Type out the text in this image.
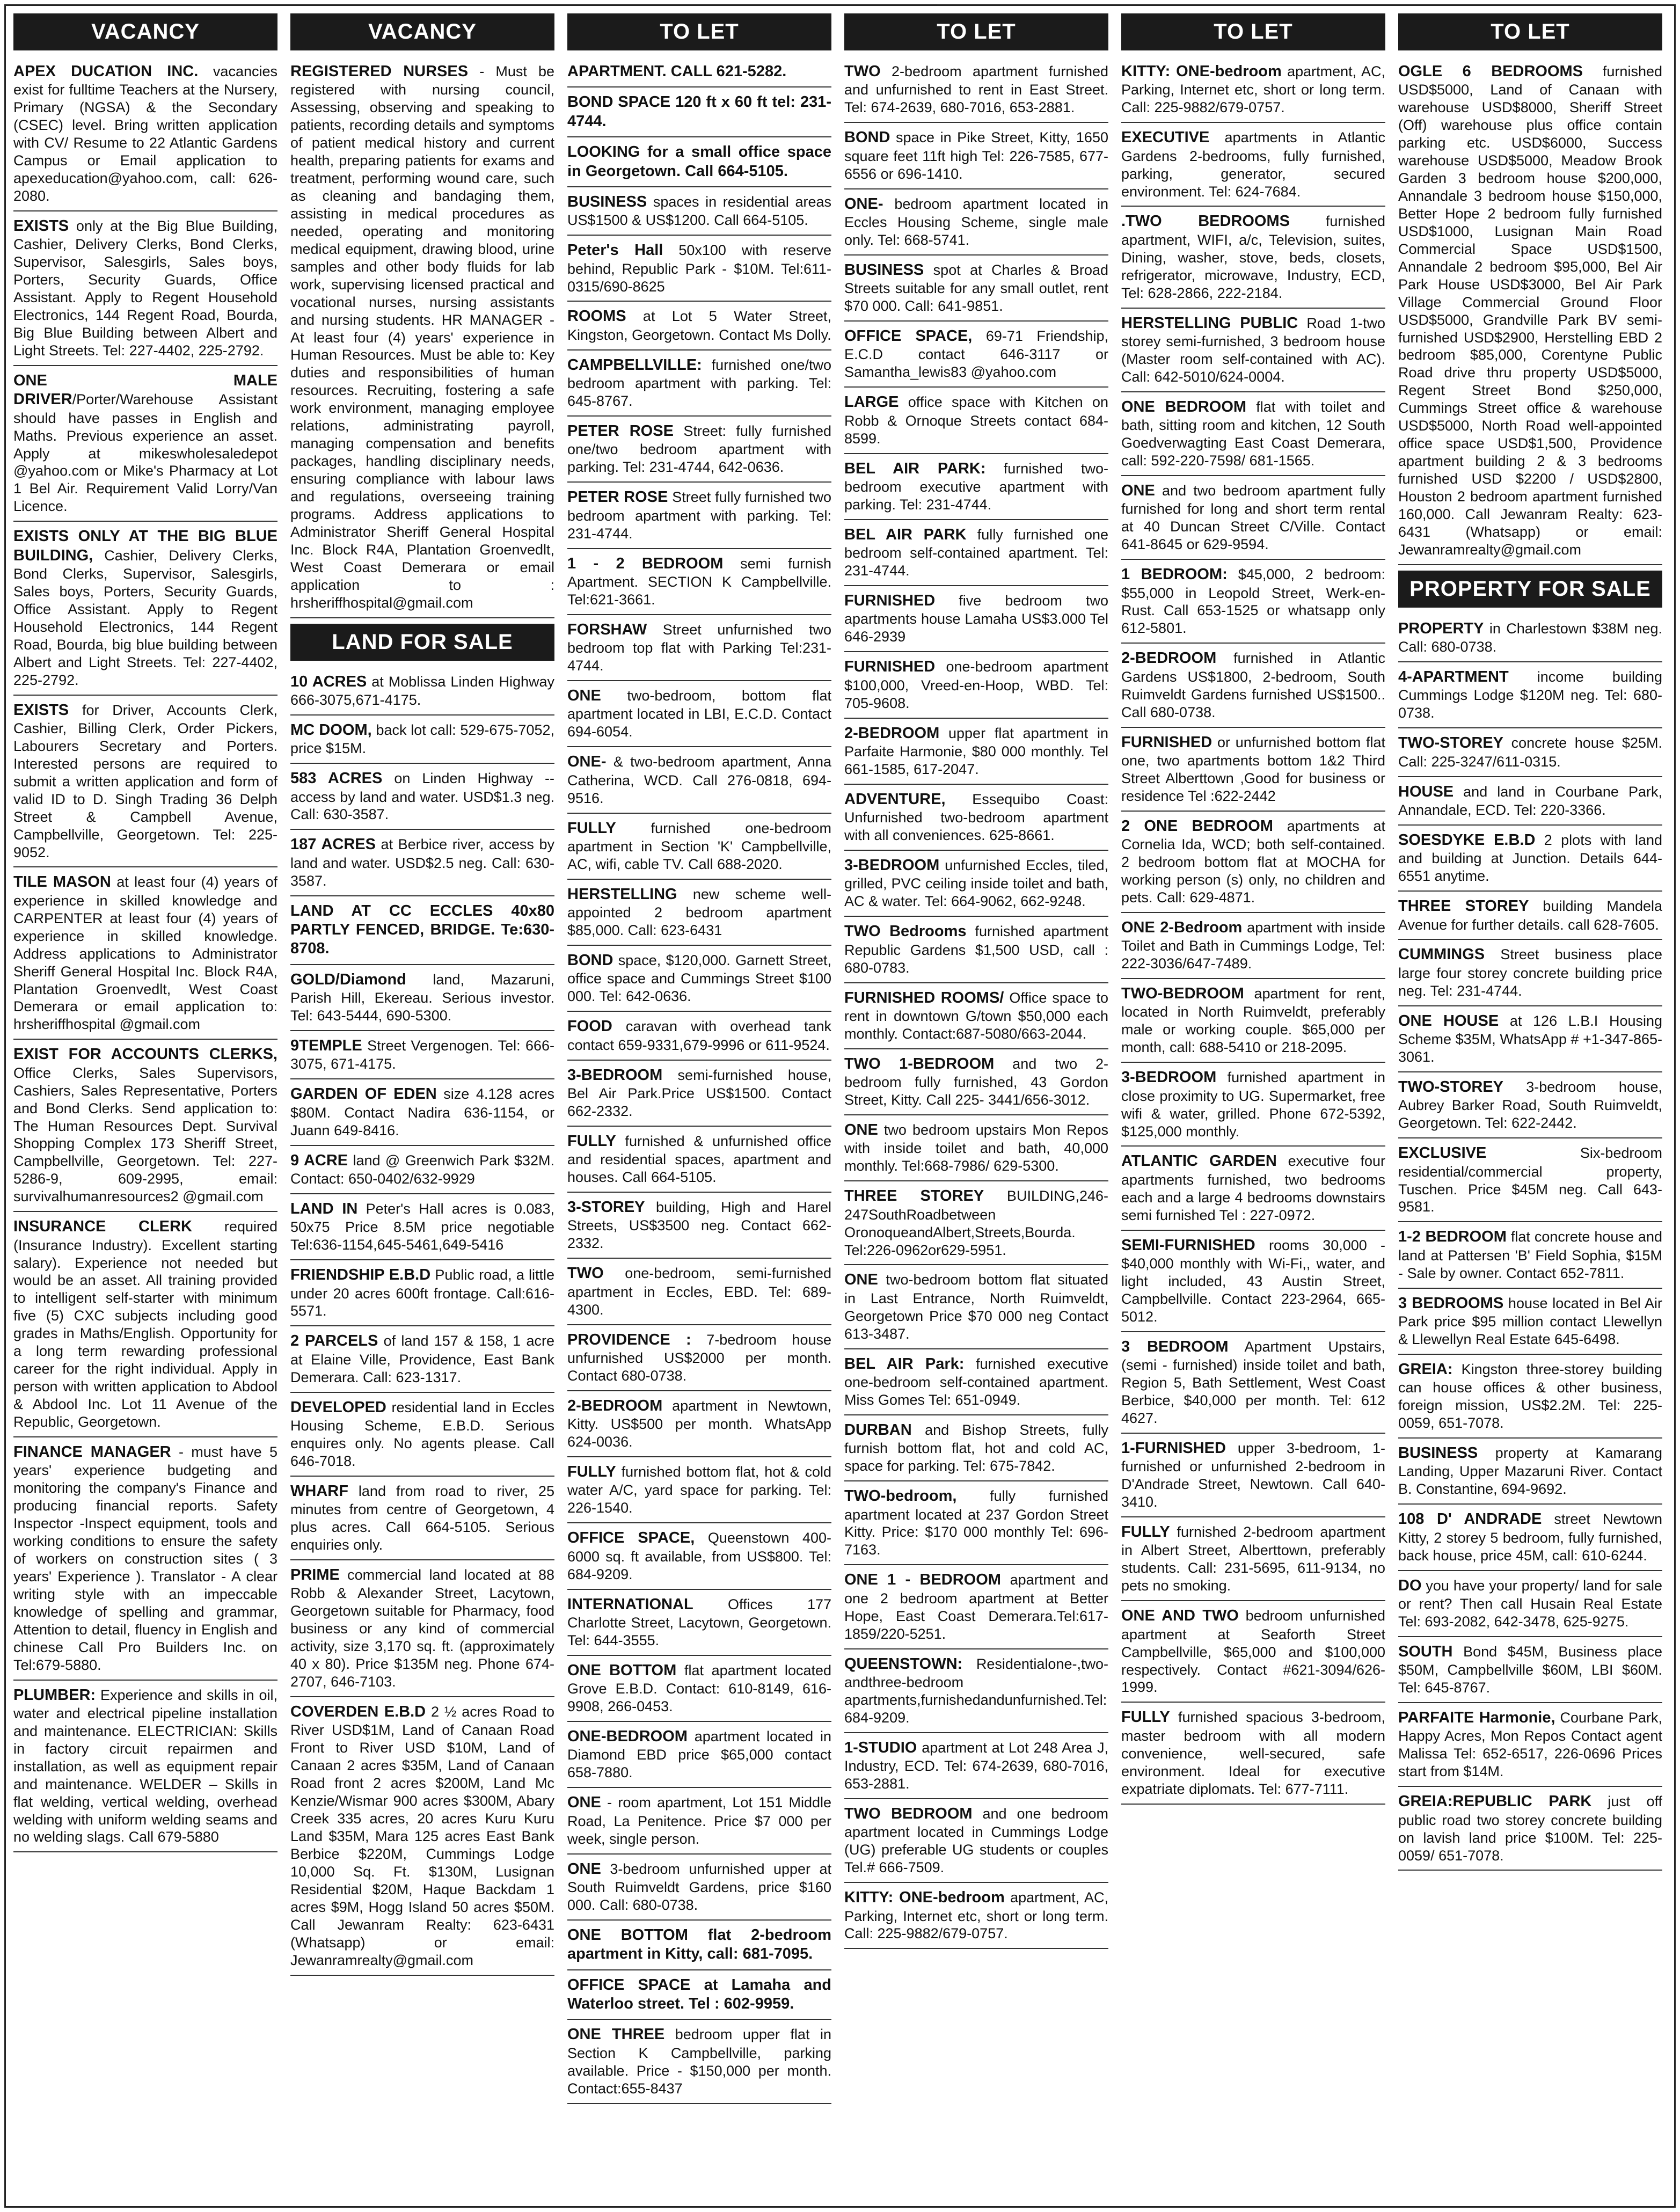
VACANCY
APEX DUCATION INC. vacancies exist for fulltime Teachers at the Nursery, Primary (NGSA) & the Secondary (CSEC) level. Bring written application with CV/ Resume to 22 Atlantic Gardens Campus or Email application to apexeducation@yahoo.com, call: 626-2080.
EXISTS only at the Big Blue Building, Cashier, Delivery Clerks, Bond Clerks, Supervisor, Salesgirls, Sales boys, Porters, Security Guards, Office Assistant. Apply to Regent Household Electronics, 144 Regent Road, Bourda, Big Blue Building between Albert and Light Streets. Tel: 227-4402, 225-2792.
ONE MALE DRIVER/Porter/Warehouse Assistant should have passes in English and Maths. Previous experience an asset. Apply at mikeswholesaledepot @yahoo.com or Mike's Pharmacy at Lot 1 Bel Air. Requirement Valid Lorry/Van Licence.
EXISTS ONLY AT THE BIG BLUE BUILDING, Cashier, Delivery Clerks, Bond Clerks, Supervisor, Salesgirls, Sales boys, Porters, Security Guards, Office Assistant. Apply to Regent Household Electronics, 144 Regent Road, Bourda, big blue building between Albert and Light Streets. Tel: 227-4402, 225-2792.
EXISTS for Driver, Accounts Clerk, Cashier, Billing Clerk, Order Pickers, Labourers Secretary and Porters. Interested persons are required to submit a written application and form of valid ID to D. Singh Trading 36 Delph Street & Campbell Avenue, Campbellville, Georgetown. Tel: 225-9052.
TILE MASON at least four (4) years of experience in skilled knowledge and CARPENTER at least four (4) years of experience in skilled knowledge. Address applications to Administrator Sheriff General Hospital Inc. Block R4A, Plantation Groenvedlt, West Coast Demerara or email application to: hrsheriffhospital @gmail.com
EXIST FOR ACCOUNTS CLERKS, Office Clerks, Sales Supervisors, Cashiers, Sales Representative, Porters and Bond Clerks. Send application to: The Human Resources Dept. Survival Shopping Complex 173 Sheriff Street, Campbellville, Georgetown. Tel: 227-5286-9, 609-2995, email: survivalhumanresources2 @gmail.com
INSURANCE CLERK required (Insurance Industry). Excellent starting salary). Experience not needed but would be an asset. All training provided to intelligent self-starter with minimum five (5) CXC subjects including good grades in Maths/English. Opportunity for a long term rewarding professional career for the right individual. Apply in person with written application to Abdool & Abdool Inc. Lot 11 Avenue of the Republic, Georgetown.
FINANCE MANAGER - must have 5 years' experience budgeting and monitoring the company's Finance and producing financial reports. Safety Inspector -Inspect equipment, tools and working conditions to ensure the safety of workers on construction sites ( 3 years' Experience ). Translator - A clear writing style with an impeccable knowledge of spelling and grammar, Attention to detail, fluency in English and chinese Call Pro Builders Inc. on Tel:679-5880.
PLUMBER: Experience and skills in oil, water and electrical pipeline installation and maintenance. ELECTRICIAN: Skills in factory circuit repairmen and installation, as well as equipment repair and maintenance. WELDER – Skills in flat welding, vertical welding, overhead welding with uniform welding seams and no welding slags. Call 679-5880
VACANCY
REGISTERED NURSES - Must be registered with nursing council, Assessing, observing and speaking to patients, recording details and symptoms of patient medical history and current health, preparing patients for exams and treatment, performing wound care, such as cleaning and bandaging them, assisting in medical procedures as needed, operating and monitoring medical equipment, drawing blood, urine samples and other body fluids for lab work, supervising licensed practical and vocational nurses, nursing assistants and nursing students. HR MANAGER - At least four (4) years' experience in Human Resources. Must be able to: Key duties and responsibilities of human resources. Recruiting, fostering a safe work environment, managing employee relations, administrating payroll, managing compensation and benefits packages, handling disciplinary needs, ensuring compliance with labour laws and regulations, overseeing training programs. Address applications to Administrator Sheriff General Hospital Inc. Block R4A, Plantation Groenvedlt, West Coast Demerara or email application to : hrsheriffhospital@gmail.com
LAND FOR SALE
10 ACRES at Moblissa Linden Highway 666-3075,671-4175.
MC DOOM, back lot call: 529-675-7052, price $15M.
583 ACRES on Linden Highway -- access by land and water. USD$1.3 neg. Call: 630-3587.
187 ACRES at Berbice river, access by land and water. USD$2.5 neg. Call: 630-3587.
LAND AT CC ECCLES 40x80 PARTLY FENCED, BRIDGE. Te:630-8708.
GOLD/Diamond land, Mazaruni, Parish Hill, Ekereau. Serious investor. Tel: 643-5444, 690-5300.
9TEMPLE Street Vergenogen. Tel: 666-3075, 671-4175.
GARDEN OF EDEN size 4.128 acres $80M. Contact Nadira 636-1154, or Juann 649-8416.
9 ACRE land @ Greenwich Park $32M. Contact: 650-0402/632-9929
LAND IN Peter's Hall acres is 0.083, 50x75 Price 8.5M price negotiable Tel:636-1154,645-5461,649-5416
FRIENDSHIP E.B.D Public road, a little under 20 acres 600ft frontage. Call:616-5571.
2 PARCELS of land 157 & 158, 1 acre at Elaine Ville, Providence, East Bank Demerara. Call: 623-1317.
DEVELOPED residential land in Eccles Housing Scheme, E.B.D. Serious enquires only. No agents please. Call 646-7018.
WHARF land from road to river, 25 minutes from centre of Georgetown, 4 plus acres. Call 664-5105. Serious enquiries only.
PRIME commercial land located at 88 Robb & Alexander Street, Lacytown, Georgetown suitable for Pharmacy, food business or any kind of commercial activity, size 3,170 sq. ft. (approximately 40 x 80). Price $135M neg. Phone 674-2707, 646-7103.
COVERDEN E.B.D 2 ½ acres Road to River USD$1M, Land of Canaan Road Front to River USD $10M, Land of Canaan 2 acres $35M, Land of Canaan Road front 2 acres $200M, Land Mc Kenzie/Wismar 900 acres $300M, Abary Creek 335 acres, 20 acres Kuru Kuru Land $35M, Mara 125 acres East Bank Berbice $220M, Cummings Lodge 10,000 Sq. Ft. $130M, Lusignan Residential $20M, Haque Backdam 1 acres $9M, Hogg Island 50 acres $50M. Call Jewanram Realty: 623-6431 (Whatsapp) or email: Jewanramrealty@gmail.com
TO LET
APARTMENT. CALL 621-5282.
BOND SPACE 120 ft x 60 ft tel: 231-4744.
LOOKING for a small office space in Georgetown. Call 664-5105.
BUSINESS spaces in residential areas US$1500 & US$1200. Call 664-5105.
Peter's Hall 50x100 with reserve behind, Republic Park - $10M. Tel:611-0315/690-8625
ROOMS at Lot 5 Water Street, Kingston, Georgetown. Contact Ms Dolly.
CAMPBELLVILLE: furnished one/two bedroom apartment with parking. Tel: 645-8767.
PETER ROSE Street: fully furnished one/two bedroom apartment with parking. Tel: 231-4744, 642-0636.
PETER ROSE Street fully furnished two bedroom apartment with parking. Tel: 231-4744.
1 - 2 BEDROOM semi furnish Apartment. SECTION K Campbellville. Tel:621-3661.
FORSHAW Street unfurnished two bedroom top flat with Parking Tel:231-4744.
ONE two-bedroom, bottom flat apartment located in LBI, E.C.D. Contact 694-6054.
ONE- & two-bedroom apartment, Anna Catherina, WCD. Call 276-0818, 694-9516.
FULLY furnished one-bedroom apartment in Section 'K' Campbellville, AC, wifi, cable TV. Call 688-2020.
HERSTELLING new scheme well-appointed 2 bedroom apartment $85,000. Call: 623-6431
BOND space, $120,000. Garnett Street, office space and Cummings Street $100 000. Tel: 642-0636.
FOOD caravan with overhead tank contact 659-9331,679-9996 or 611-9524.
3-BEDROOM semi-furnished house, Bel Air Park.Price US$1500. Contact 662-2332.
FULLY furnished & unfurnished office and residential spaces, apartment and houses. Call 664-5105.
3-STOREY building, High and Harel Streets, US$3500 neg. Contact 662-2332.
TWO one-bedroom, semi-furnished apartment in Eccles, EBD. Tel: 689-4300.
PROVIDENCE : 7-bedroom house unfurnished US$2000 per month. Contact 680-0738.
2-BEDROOM apartment in Newtown, Kitty. US$500 per month. WhatsApp 624-0036.
FULLY furnished bottom flat, hot & cold water A/C, yard space for parking. Tel: 226-1540.
OFFICE SPACE, Queenstown 400-6000 sq. ft available, from US$800. Tel: 684-9209.
INTERNATIONAL Offices 177 Charlotte Street, Lacytown, Georgetown. Tel: 644-3555.
ONE BOTTOM flat apartment located Grove E.B.D. Contact: 610-8149, 616-9908, 266-0453.
ONE-BEDROOM apartment located in Diamond EBD price $65,000 contact 658-7880.
ONE - room apartment, Lot 151 Middle Road, La Penitence. Price $7 000 per week, single person.
ONE 3-bedroom unfurnished upper at South Ruimveldt Gardens, price $160 000. Call: 680-0738.
ONE BOTTOM flat 2-bedroom apartment in Kitty, call: 681-7095.
OFFICE SPACE at Lamaha and Waterloo street. Tel : 602-9959.
ONE THREE bedroom upper flat in Section K Campbellville, parking available. Price - $150,000 per month. Contact:655-8437
TO LET
TWO 2-bedroom apartment furnished and unfurnished to rent in East Street. Tel: 674-2639, 680-7016, 653-2881.
BOND space in Pike Street, Kitty, 1650 square feet 11ft high Tel: 226-7585, 677-6556 or 696-1410.
ONE- bedroom apartment located in Eccles Housing Scheme, single male only. Tel: 668-5741.
BUSINESS spot at Charles & Broad Streets suitable for any small outlet, rent $70 000. Call: 641-9851.
OFFICE SPACE, 69-71 Friendship, E.C.D contact 646-3117 or Samantha_lewis83 @yahoo.com
LARGE office space with Kitchen on Robb & Ornoque Streets contact 684-8599.
BEL AIR PARK: furnished two-bedroom executive apartment with parking. Tel: 231-4744.
BEL AIR PARK fully furnished one bedroom self-contained apartment. Tel: 231-4744.
FURNISHED five bedroom two apartments house Lamaha US$3.000 Tel 646-2939
FURNISHED one-bedroom apartment $100,000, Vreed-en-Hoop, WBD. Tel: 705-9608.
2-BEDROOM upper flat apartment in Parfaite Harmonie, $80 000 monthly. Tel 661-1585, 617-2047.
ADVENTURE, Essequibo Coast: Unfurnished two-bedroom apartment with all conveniences. 625-8661.
3-BEDROOM unfurnished Eccles, tiled, grilled, PVC ceiling inside toilet and bath, AC & water. Tel: 664-9062, 662-9248.
TWO Bedrooms furnished apartment Republic Gardens $1,500 USD, call : 680-0783.
FURNISHED ROOMS/ Office space to rent in downtown G/town $50,000 each monthly. Contact:687-5080/663-2044.
TWO 1-BEDROOM and two 2-bedroom fully furnished, 43 Gordon Street, Kitty. Call 225- 3441/656-3012.
ONE two bedroom upstairs Mon Repos with inside toilet and bath, 40,000 monthly. Tel:668-7986/ 629-5300.
THREE STOREY BUILDING,246-247SouthRoadbetween OronoqueandAlbert,Streets,Bourda. Tel:226-0962or629-5951.
ONE two-bedroom bottom flat situated in Last Entrance, North Ruimveldt, Georgetown Price $70 000 neg Contact 613-3487.
BEL AIR Park: furnished executive one-bedroom self-contained apartment. Miss Gomes Tel: 651-0949.
DURBAN and Bishop Streets, fully furnish bottom flat, hot and cold AC, space for parking. Tel: 675-7842.
TWO-bedroom, fully furnished apartment located at 237 Gordon Street Kitty. Price: $170 000 monthly Tel: 696-7163.
ONE 1 - BEDROOM apartment and one 2 bedroom apartment at Better Hope, East Coast Demerara.Tel:617-1859/220-5251.
QUEENSTOWN: Residentialone-,two-andthree-bedroom apartments,furnishedandunfurnished.Tel:684-9209.
1-STUDIO apartment at Lot 248 Area J, Industry, ECD. Tel: 674-2639, 680-7016, 653-2881.
TWO BEDROOM and one bedroom apartment located in Cummings Lodge (UG) preferable UG students or couples Tel.# 666-7509.
KITTY: ONE-bedroom apartment, AC, Parking, Internet etc, short or long term. Call: 225-9882/679-0757.
TO LET
KITTY: ONE-bedroom apartment, AC, Parking, Internet etc, short or long term. Call: 225-9882/679-0757.
EXECUTIVE apartments in Atlantic Gardens 2-bedrooms, fully furnished, parking, generator, secured environment. Tel: 624-7684.
.TWO BEDROOMS furnished apartment, WIFI, a/c, Television, suites, Dining, washer, stove, beds, closets, refrigerator, microwave, Industry, ECD, Tel: 628-2866, 222-2184.
HERSTELLING PUBLIC Road 1-two storey semi-furnished, 3 bedroom house (Master room self-contained with AC). Call: 642-5010/624-0004.
ONE BEDROOM flat with toilet and bath, sitting room and kitchen, 12 South Goedverwagting East Coast Demerara, call: 592-220-7598/ 681-1565.
ONE and two bedroom apartment fully furnished for long and short term rental at 40 Duncan Street C/Ville. Contact 641-8645 or 629-9594.
1 BEDROOM: $45,000, 2 bedroom: $55,000 in Leopold Street, Werk-en-Rust. Call 653-1525 or whatsapp only 612-5801.
2-BEDROOM furnished in Atlantic Gardens US$1800, 2-bedroom, South Ruimveldt Gardens furnished US$1500.. Call 680-0738.
FURNISHED or unfurnished bottom flat one, two apartments bottom 1&2 Third Street Alberttown ,Good for business or residence Tel :622-2442
2 ONE BEDROOM apartments at Cornelia Ida, WCD; both self-contained. 2 bedroom bottom flat at MOCHA for working person (s) only, no children and pets. Call: 629-4871.
ONE 2-Bedroom apartment with inside Toilet and Bath in Cummings Lodge, Tel: 222-3036/647-7489.
TWO-BEDROOM apartment for rent, located in North Ruimveldt, preferably male or working couple. $65,000 per month, call: 688-5410 or 218-2095.
3-BEDROOM furnished apartment in close proximity to UG. Supermarket, free wifi & water, grilled. Phone 672-5392, $125,000 monthly.
ATLANTIC GARDEN executive four apartments furnished, two bedrooms each and a large 4 bedrooms downstairs semi furnished Tel : 227-0972.
SEMI-FURNISHED rooms 30,000 - $40,000 monthly with Wi-Fi,, water, and light included, 43 Austin Street, Campbellville. Contact 223-2964, 665-5012.
3 BEDROOM Apartment Upstairs, (semi - furnished) inside toilet and bath, Region 5, Bath Settlement, West Coast Berbice, $40,000 per month. Tel: 612 4627.
1-FURNISHED upper 3-bedroom, 1-furnished or unfurnished 2-bedroom in D'Andrade Street, Newtown. Call 640-3410.
FULLY furnished 2-bedroom apartment in Albert Street, Alberttown, preferably students. Call: 231-5695, 611-9134, no pets no smoking.
ONE AND TWO bedroom unfurnished apartment at Seaforth Street Campbellville, $65,000 and $100,000 respectively. Contact #621-3094/626-1999.
FULLY furnished spacious 3-bedroom, master bedroom with all modern convenience, well-secured, safe environment. Ideal for executive expatriate diplomats. Tel: 677-7111.
TO LET
OGLE 6 BEDROOMS furnished USD$5000, Land of Canaan with warehouse USD$8000, Sheriff Street (Off) warehouse plus office contain parking etc. USD$6000, Success warehouse USD$5000, Meadow Brook Garden 3 bedroom house $200,000, Annandale 3 bedroom house $150,000, Better Hope 2 bedroom fully furnished USD$1000, Lusignan Main Road Commercial Space USD$1500, Annandale 2 bedroom $95,000, Bel Air Park House USD$3000, Bel Air Park Village Commercial Ground Floor USD$5000, Grandville Park BV semi- furnished USD$2900, Herstelling EBD 2 bedroom $85,000, Corentyne Public Road drive thru property USD$5000, Regent Street Bond $250,000, Cummings Street office & warehouse USD$5000, North Road well-appointed office space USD$1,500, Providence apartment building 2 & 3 bedrooms furnished USD $2200 / USD$2800, Houston 2 bedroom apartment furnished 160,000. Call Jewanram Realty: 623-6431 (Whatsapp) or email: Jewanramrealty@gmail.com
PROPERTY FOR SALE
PROPERTY in Charlestown $38M neg. Call: 680-0738.
4-APARTMENT income building Cummings Lodge $120M neg. Tel: 680-0738.
TWO-STOREY concrete house $25M. Call: 225-3247/611-0315.
HOUSE and land in Courbane Park, Annandale, ECD. Tel: 220-3366.
SOESDYKE E.B.D 2 plots with land and building at Junction. Details 644-6551 anytime.
THREE STOREY building Mandela Avenue for further details. call 628-7605.
CUMMINGS Street business place large four storey concrete building price neg. Tel: 231-4744.
ONE HOUSE at 126 L.B.I Housing Scheme $35M, WhatsApp # +1-347-865-3061.
TWO-STOREY 3-bedroom house, Aubrey Barker Road, South Ruimveldt, Georgetown. Tel: 622-2442.
EXCLUSIVE Six-bedroom residential/commercial property, Tuschen. Price $45M neg. Call 643-9581.
1-2 BEDROOM flat concrete house and land at Pattersen 'B' Field Sophia, $15M - Sale by owner. Contact 652-7811.
3 BEDROOMS house located in Bel Air Park price $95 million contact Llewellyn & Llewellyn Real Estate 645-6498.
GREIA: Kingston three-storey building can house offices & other business, foreign mission, US$2.2M. Tel: 225-0059, 651-7078.
BUSINESS property at Kamarang Landing, Upper Mazaruni River. Contact B. Constantine, 694-9692.
108 D' ANDRADE street Newtown Kitty, 2 storey 5 bedroom, fully furnished, back house, price 45M, call: 610-6244.
DO you have your property/ land for sale or rent? Then call Husain Real Estate Tel: 693-2082, 642-3478, 625-9275.
SOUTH Bond $45M, Business place $50M, Campbellville $60M, LBI $60M. Tel: 645-8767.
PARFAITE Harmonie, Courbane Park, Happy Acres, Mon Repos Contact agent Malissa Tel: 652-6517, 226-0696 Prices start from $14M.
GREIA:REPUBLIC PARK just off public road two storey concrete building on lavish land price $100M. Tel: 225-0059/ 651-7078.
